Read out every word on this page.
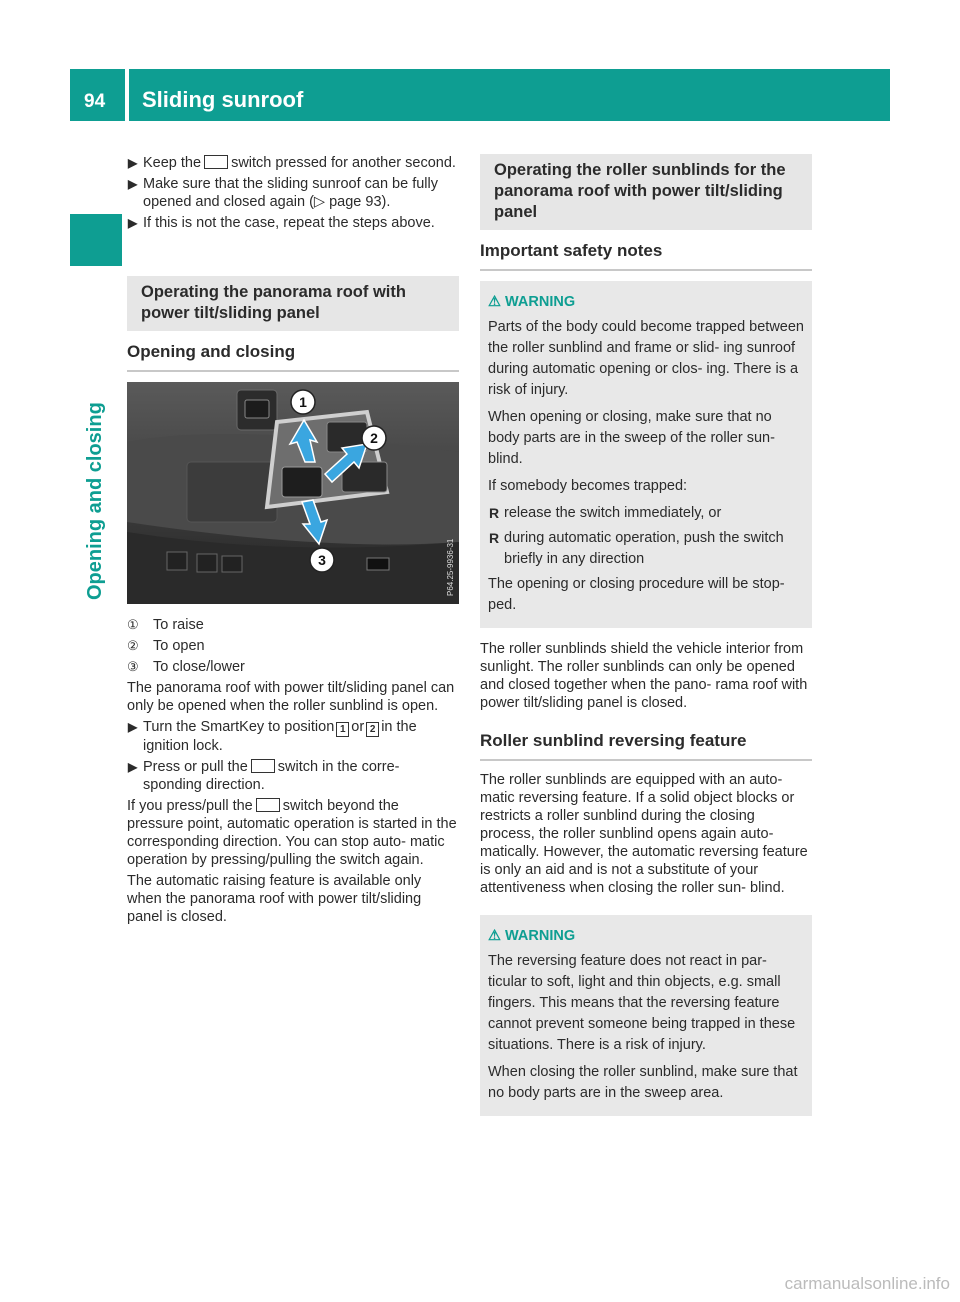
94 Sliding sunroof
Opening and closing
▶ Keep the switch pressed for another second.
▶ Make sure that the sliding sunroof can be fully opened and closed again (▷ page 93).
▶ If this is not the case, repeat the steps above.
Operating the panorama roof with power tilt/sliding panel
Opening and closing
1
2
3	P64.25-9936-31
① To raise
② To open
③ To close/lower

The panorama roof with power tilt/sliding panel can only be opened when the roller sunblind is open.

▶ Turn the SmartKey to position 1 or 2 in the ignition lock.
▶ Press or pull the switch in the corre- sponding direction.

If you press/pull the switch beyond the pressure point, automatic operation is started in the corresponding direction. You can stop auto- matic operation by pressing/pulling the switch again.

The automatic raising feature is available only when the panorama roof with power tilt/sliding panel is closed.

Operating the roller sunblinds for the panorama roof with power tilt/sliding panel
Important safety notes
⚠ WARNING

Parts of the body could become trapped between the roller sunblind and frame or slid- ing sunroof during automatic opening or clos- ing. There is a risk of injury.

When opening or closing, make sure that no body parts are in the sweep of the roller sun- blind.

If somebody becomes trapped:

R release the switch immediately, or
R during automatic operation, push the switch briefly in any direction

The opening or closing procedure will be stop- ped.

The roller sunblinds shield the vehicle interior from sunlight. The roller sunblinds can only be opened and closed together when the pano- rama roof with power tilt/sliding panel is closed.

Roller sunblind reversing feature

The roller sunblinds are equipped with an auto- matic reversing feature. If a solid object blocks or restricts a roller sunblind during the closing process, the roller sunblind opens again auto- matically. However, the automatic reversing feature is only an aid and is not a substitute of your attentiveness when closing the roller sun- blind.

⚠ WARNING

The reversing feature does not react in par- ticular to soft, light and thin objects, e.g. small fingers. This means that the reversing feature cannot prevent someone being trapped in these situations. There is a risk of injury.

When closing the roller sunblind, make sure that no body parts are in the sweep area.

carmanualsonline.info
